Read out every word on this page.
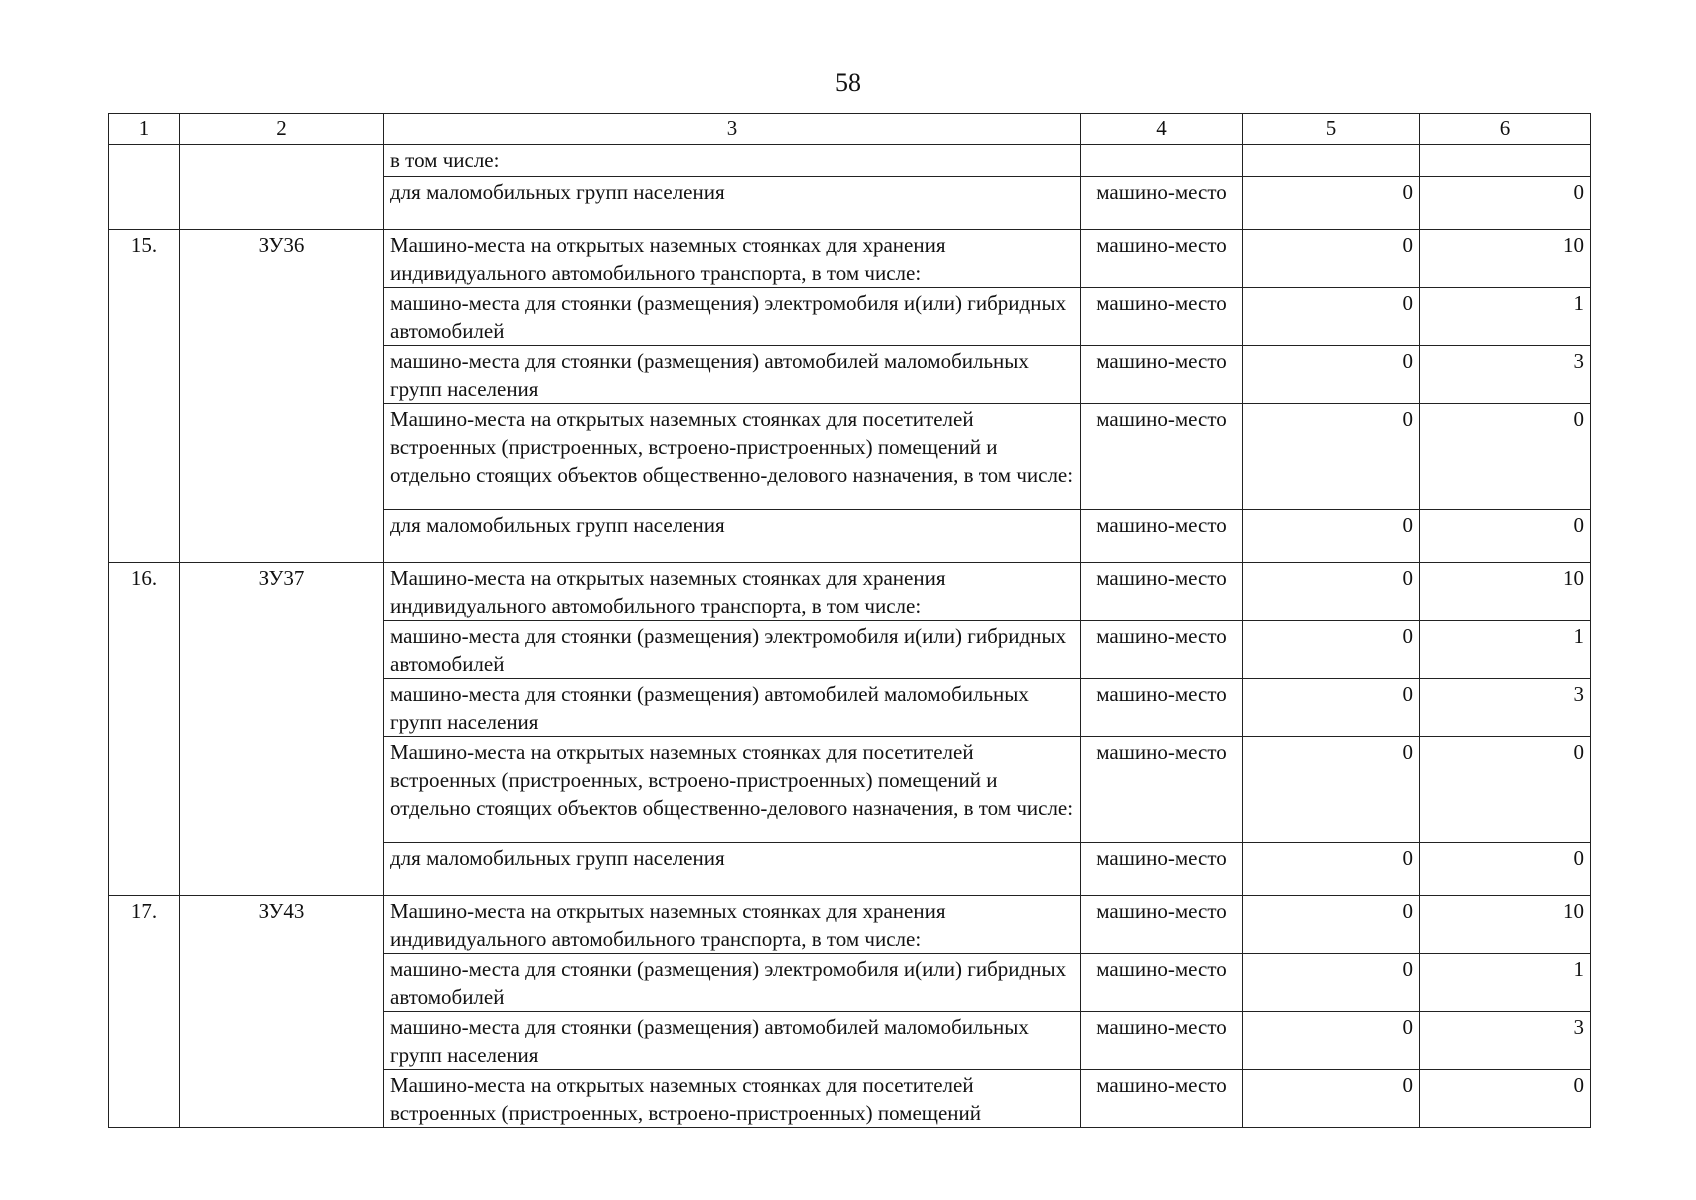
58
1	2	3	4	5	6
		в том числе:			
		для маломобильных групп населения	машино-место	0	0
15.	ЗУ36	Машино-места на открытых наземных стоянках для хранения индивидуального автомобильного транспорта, в том числе:	машино-место	0	10
		машино-места для стоянки (размещения) электромобиля и(или) гибридных автомобилей	машино-место	0	1
		машино-места для стоянки (размещения) автомобилей маломобильных групп населения	машино-место	0	3
		Машино-места на открытых наземных стоянках для посетителей встроенных (пристроенных, встроено-пристроенных) помещений и отдельно стоящих объектов общественно-делового назначения, в том числе:	машино-место	0	0
		для маломобильных групп населения	машино-место	0	0
16.	ЗУ37	Машино-места на открытых наземных стоянках для хранения индивидуального автомобильного транспорта, в том числе:	машино-место	0	10
		машино-места для стоянки (размещения) электромобиля и(или) гибридных автомобилей	машино-место	0	1
		машино-места для стоянки (размещения) автомобилей маломобильных групп населения	машино-место	0	3
		Машино-места на открытых наземных стоянках для посетителей встроенных (пристроенных, встроено-пристроенных) помещений и отдельно стоящих объектов общественно-делового назначения, в том числе:	машино-место	0	0
		для маломобильных групп населения	машино-место	0	0
17.	ЗУ43	Машино-места на открытых наземных стоянках для хранения индивидуального автомобильного транспорта, в том числе:	машино-место	0	10
		машино-места для стоянки (размещения) электромобиля и(или) гибридных автомобилей	машино-место	0	1
		машино-места для стоянки (размещения) автомобилей маломобильных групп населения	машино-место	0	3
		Машино-места на открытых наземных стоянках для посетителей встроенных (пристроенных, встроено-пристроенных) помещений	машино-место	0	0
